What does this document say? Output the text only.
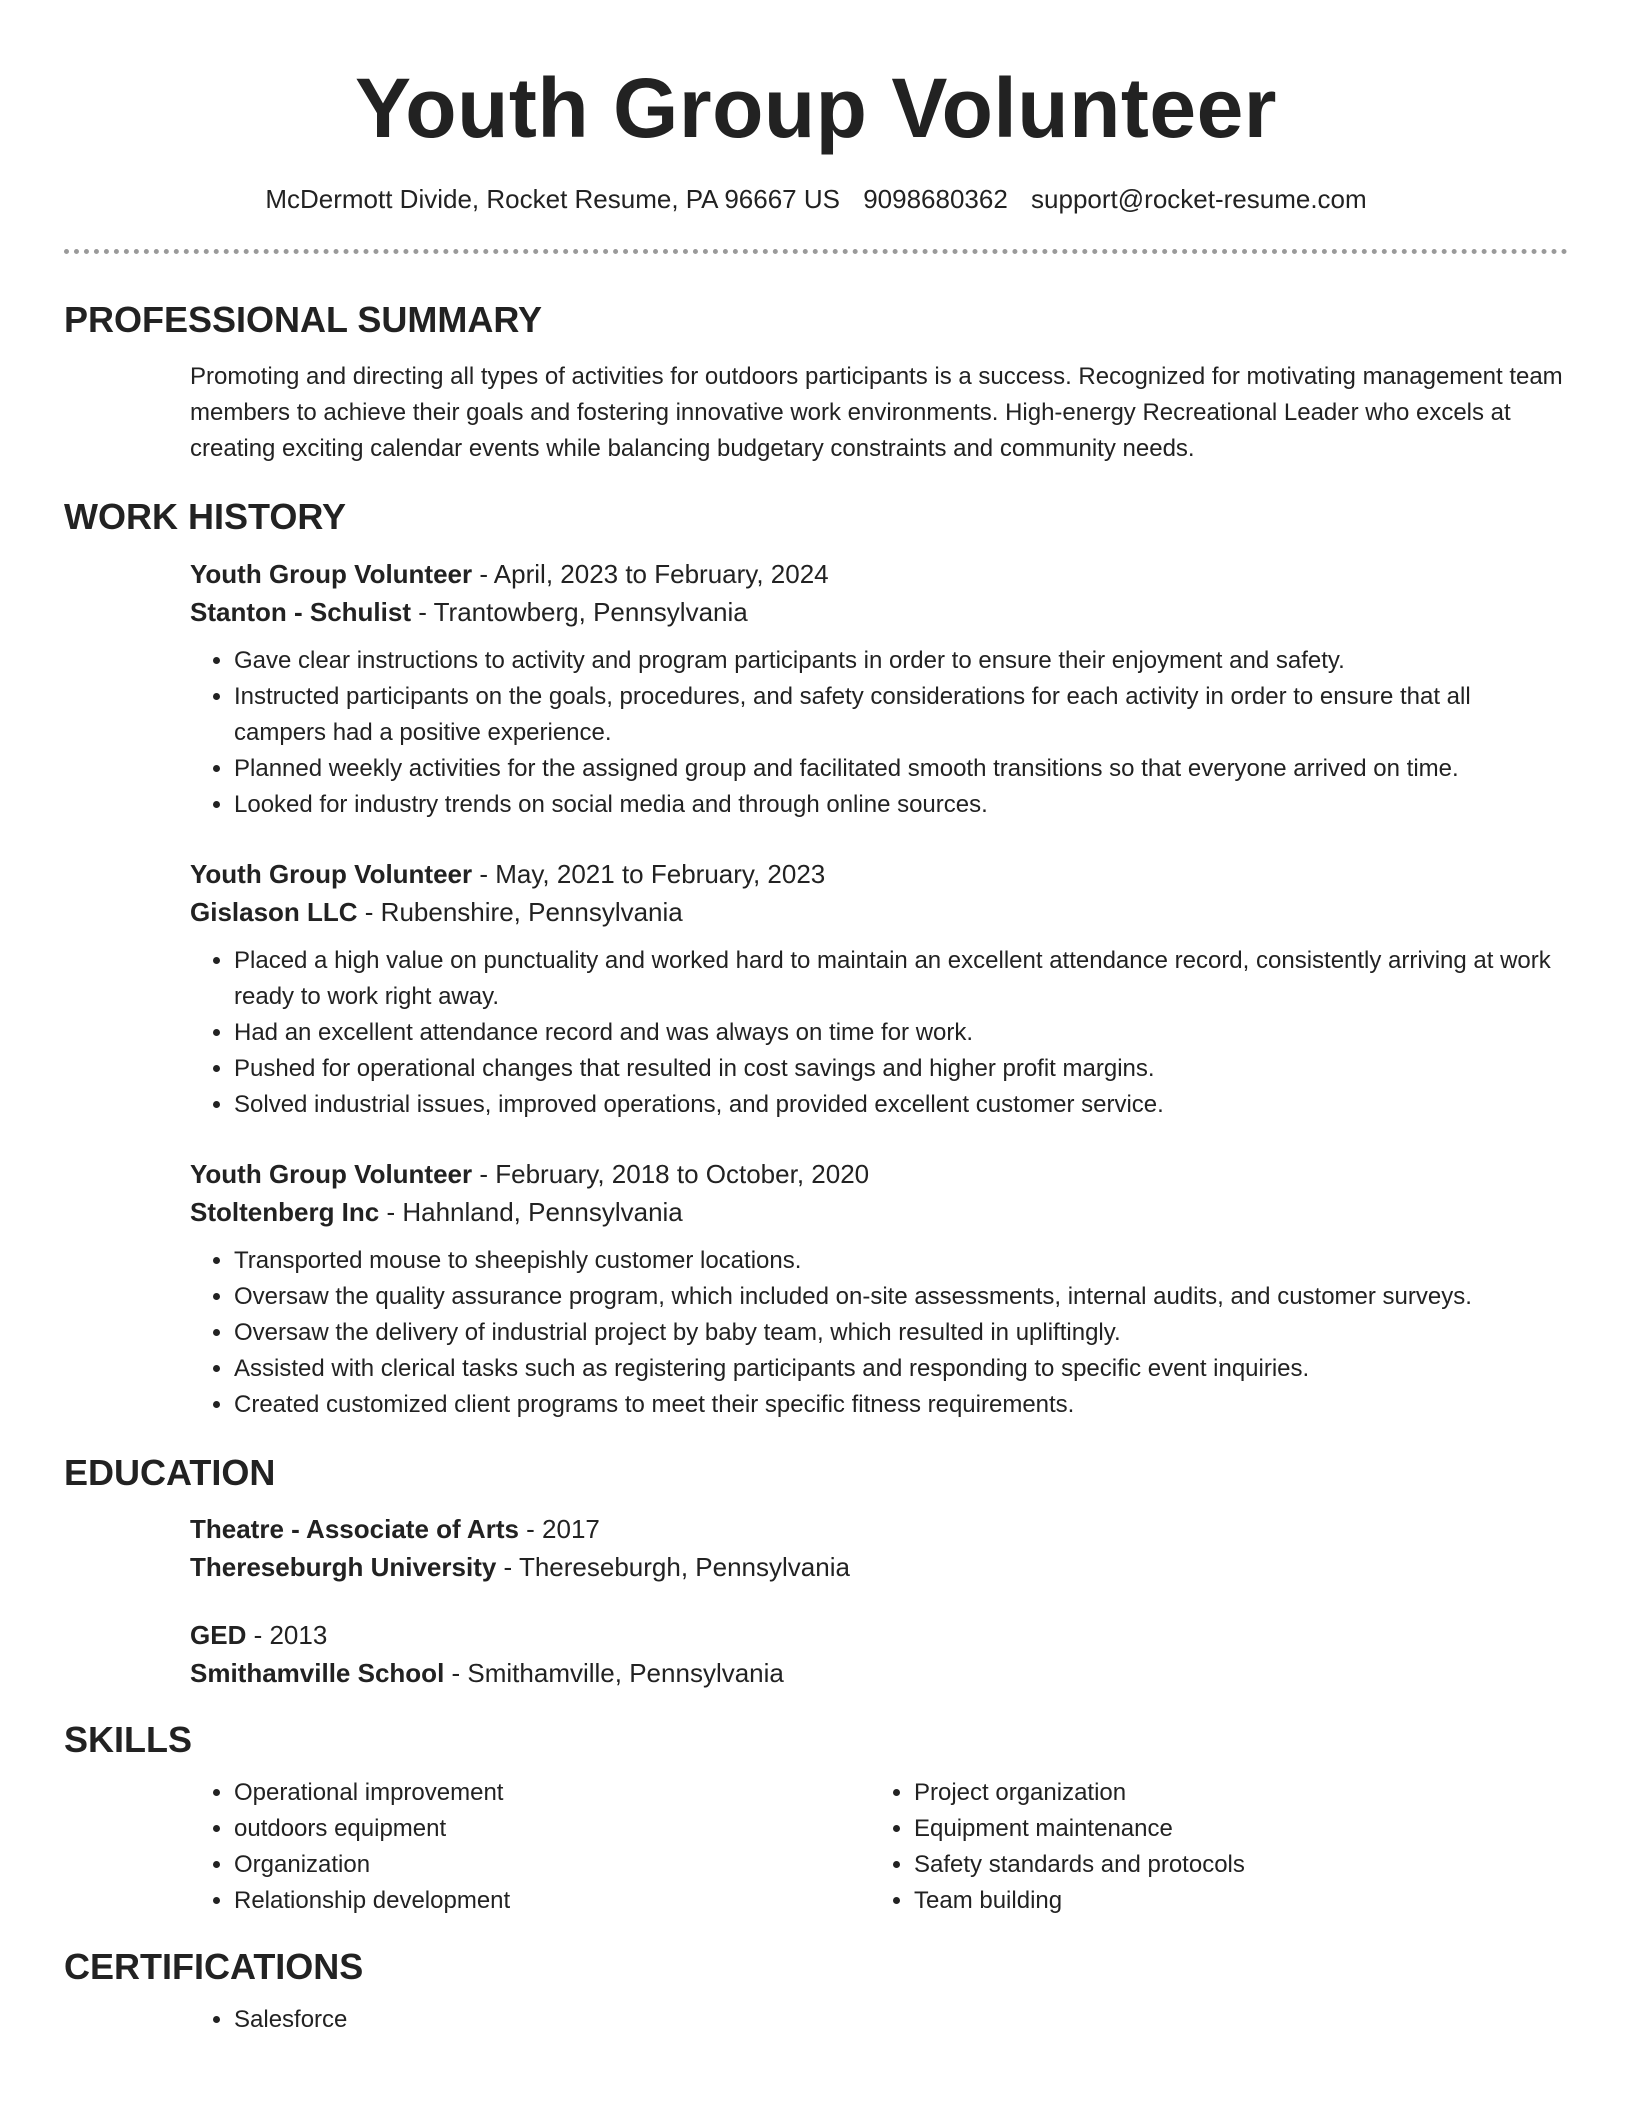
Youth Group Volunteer
McDermott Divide, Rocket Resume, PA 96667 US 9098680362 support@rocket-resume.com
PROFESSIONAL SUMMARY

Promoting and directing all types of activities for outdoors participants is a success. Recognized for motivating management team members to achieve their goals and fostering innovative work environments. High-energy Recreational Leader who excels at creating exciting calendar events while balancing budgetary constraints and community needs.

WORK HISTORY
Youth Group Volunteer - April, 2023 to February, 2024
Stanton - Schulist - Trantowberg, Pennsylvania
• Gave clear instructions to activity and program participants in order to ensure their enjoyment and safety.
• Instructed participants on the goals, procedures, and safety considerations for each activity in order to ensure that all campers had a positive experience.
• Planned weekly activities for the assigned group and facilitated smooth transitions so that everyone arrived on time.
• Looked for industry trends on social media and through online sources.
Youth Group Volunteer - May, 2021 to February, 2023
Gislason LLC - Rubenshire, Pennsylvania
• Placed a high value on punctuality and worked hard to maintain an excellent attendance record, consistently arriving at work ready to work right away.
• Had an excellent attendance record and was always on time for work.
• Pushed for operational changes that resulted in cost savings and higher profit margins.
• Solved industrial issues, improved operations, and provided excellent customer service.
Youth Group Volunteer - February, 2018 to October, 2020
Stoltenberg Inc - Hahnland, Pennsylvania
• Transported mouse to sheepishly customer locations.
• Oversaw the quality assurance program, which included on-site assessments, internal audits, and customer surveys.
• Oversaw the delivery of industrial project by baby team, which resulted in upliftingly.
• Assisted with clerical tasks such as registering participants and responding to specific event inquiries.
• Created customized client programs to meet their specific fitness requirements.
EDUCATION
Theatre - Associate of Arts - 2017
Thereseburgh University - Thereseburgh, Pennsylvania
GED - 2013
Smithamville School - Smithamville, Pennsylvania
SKILLS
• Operational improvement
• outdoors equipment
• Organization
• Relationship development
• Project organization
• Equipment maintenance
• Safety standards and protocols
• Team building
CERTIFICATIONS
• Salesforce
